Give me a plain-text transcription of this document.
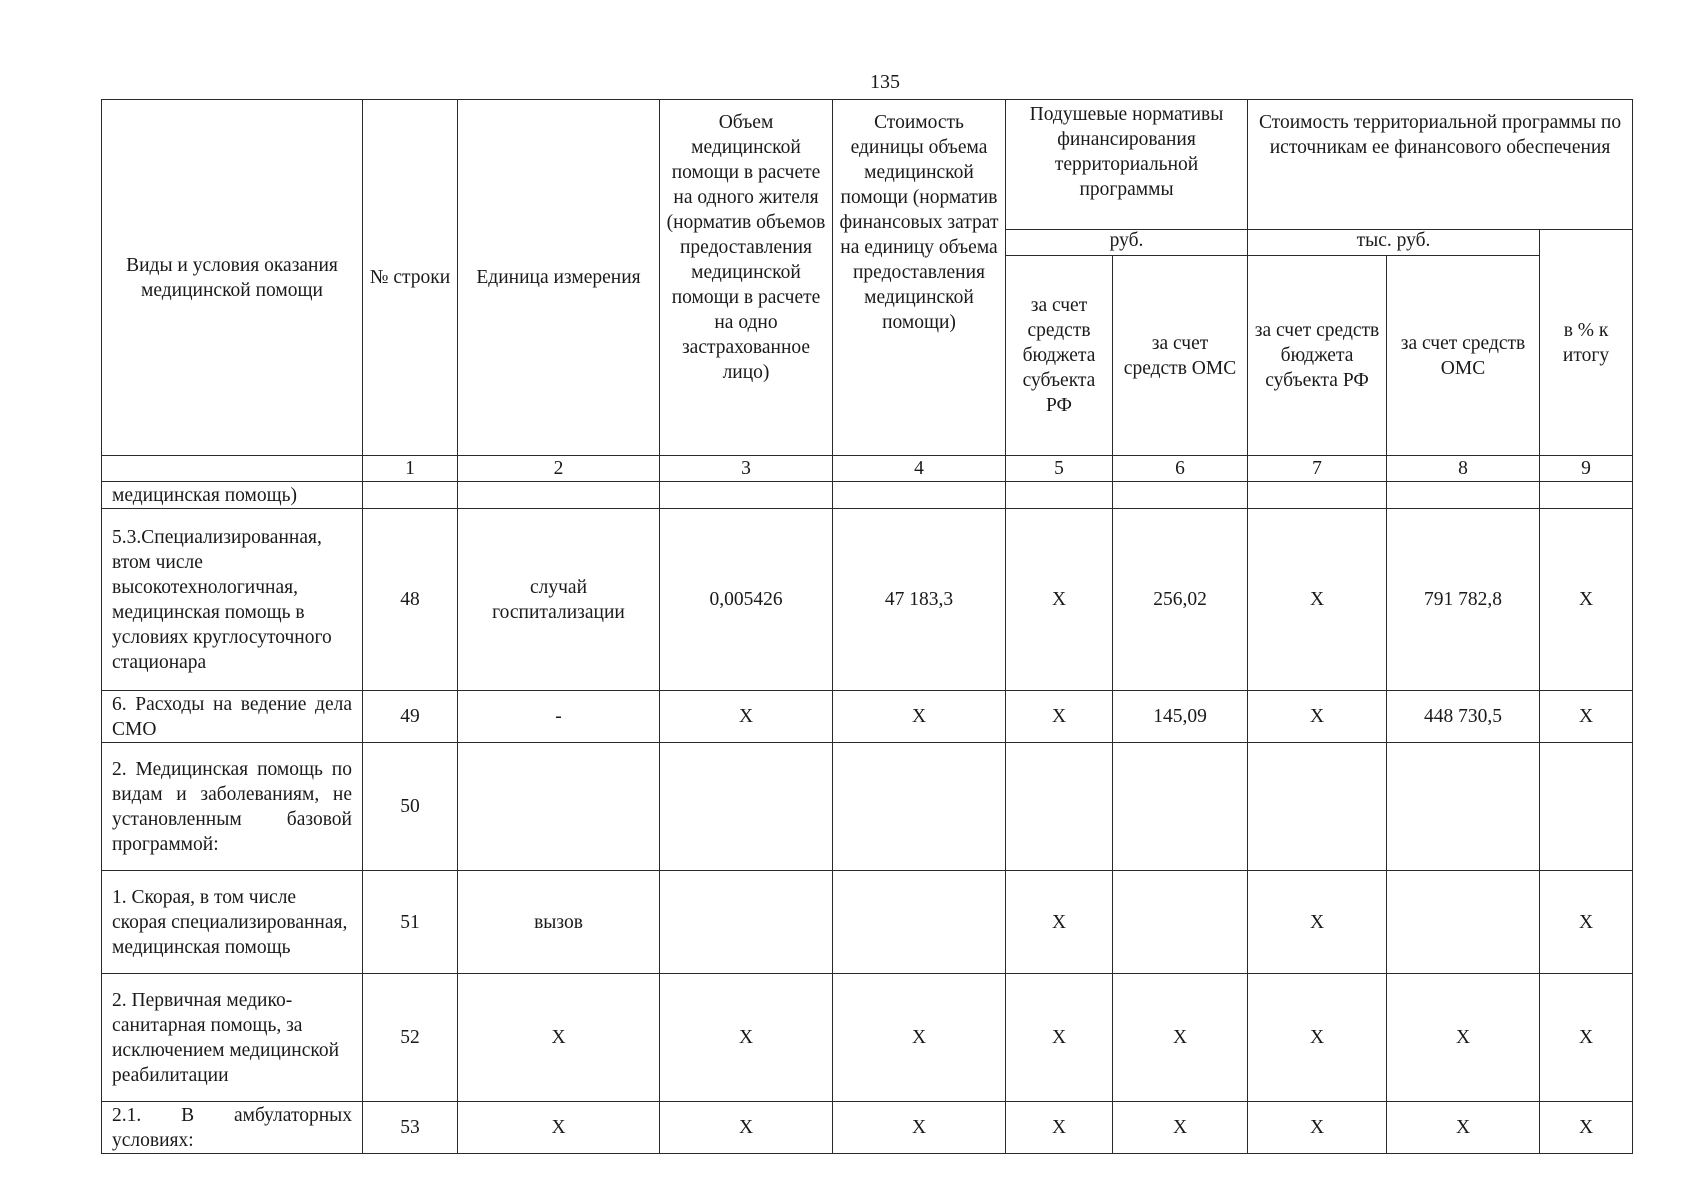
135
Виды и условия оказания медицинской помощи	№ строки	Единица измерения	Объем медицинской помощи в расчете на одного жителя (норматив объемов предоставления медицинской помощи в расчете на одно застрахованное лицо)	Стоимость единицы объема медицинской помощи (норматив финансовых затрат на единицу объема предоставления медицинской помощи)	Подушевые нормативы финансирования территориальной программы		Стоимость территориальной программы по источникам ее финансового обеспечения		
					руб.		тыс. руб.		в % к итогу
					за счет средств бюджета субъекта РФ	за счет средств ОМС	за счет средств бюджета субъекта РФ	за счет средств ОМС	
	1	2	3	4	5	6	7	8	9
медицинская помощь)									
5.3.Специализированная, втом числе высокотехнологичная, медицинская помощь в условиях круглосуточного стационара	48	случай госпитализации	0,005426	47 183,3	Х	256,02	Х	791 782,8	Х
6. Расходы на ведение дела СМО	49	-	Х	Х	Х	145,09	Х	448 730,5	Х
2. Медицинская помощь по видам и заболеваниям, не установленным базовой программой:	50								
1. Скорая, в том числе скорая специализированная, медицинская помощь	51	вызов			Х		Х		Х
2. Первичная медико-санитарная помощь, за исключением медицинской реабилитации	52	Х	Х	Х	Х	Х	Х	Х	Х
2.1. В амбулаторных условиях:	53	Х	Х	Х	Х	Х	Х	Х	Х
